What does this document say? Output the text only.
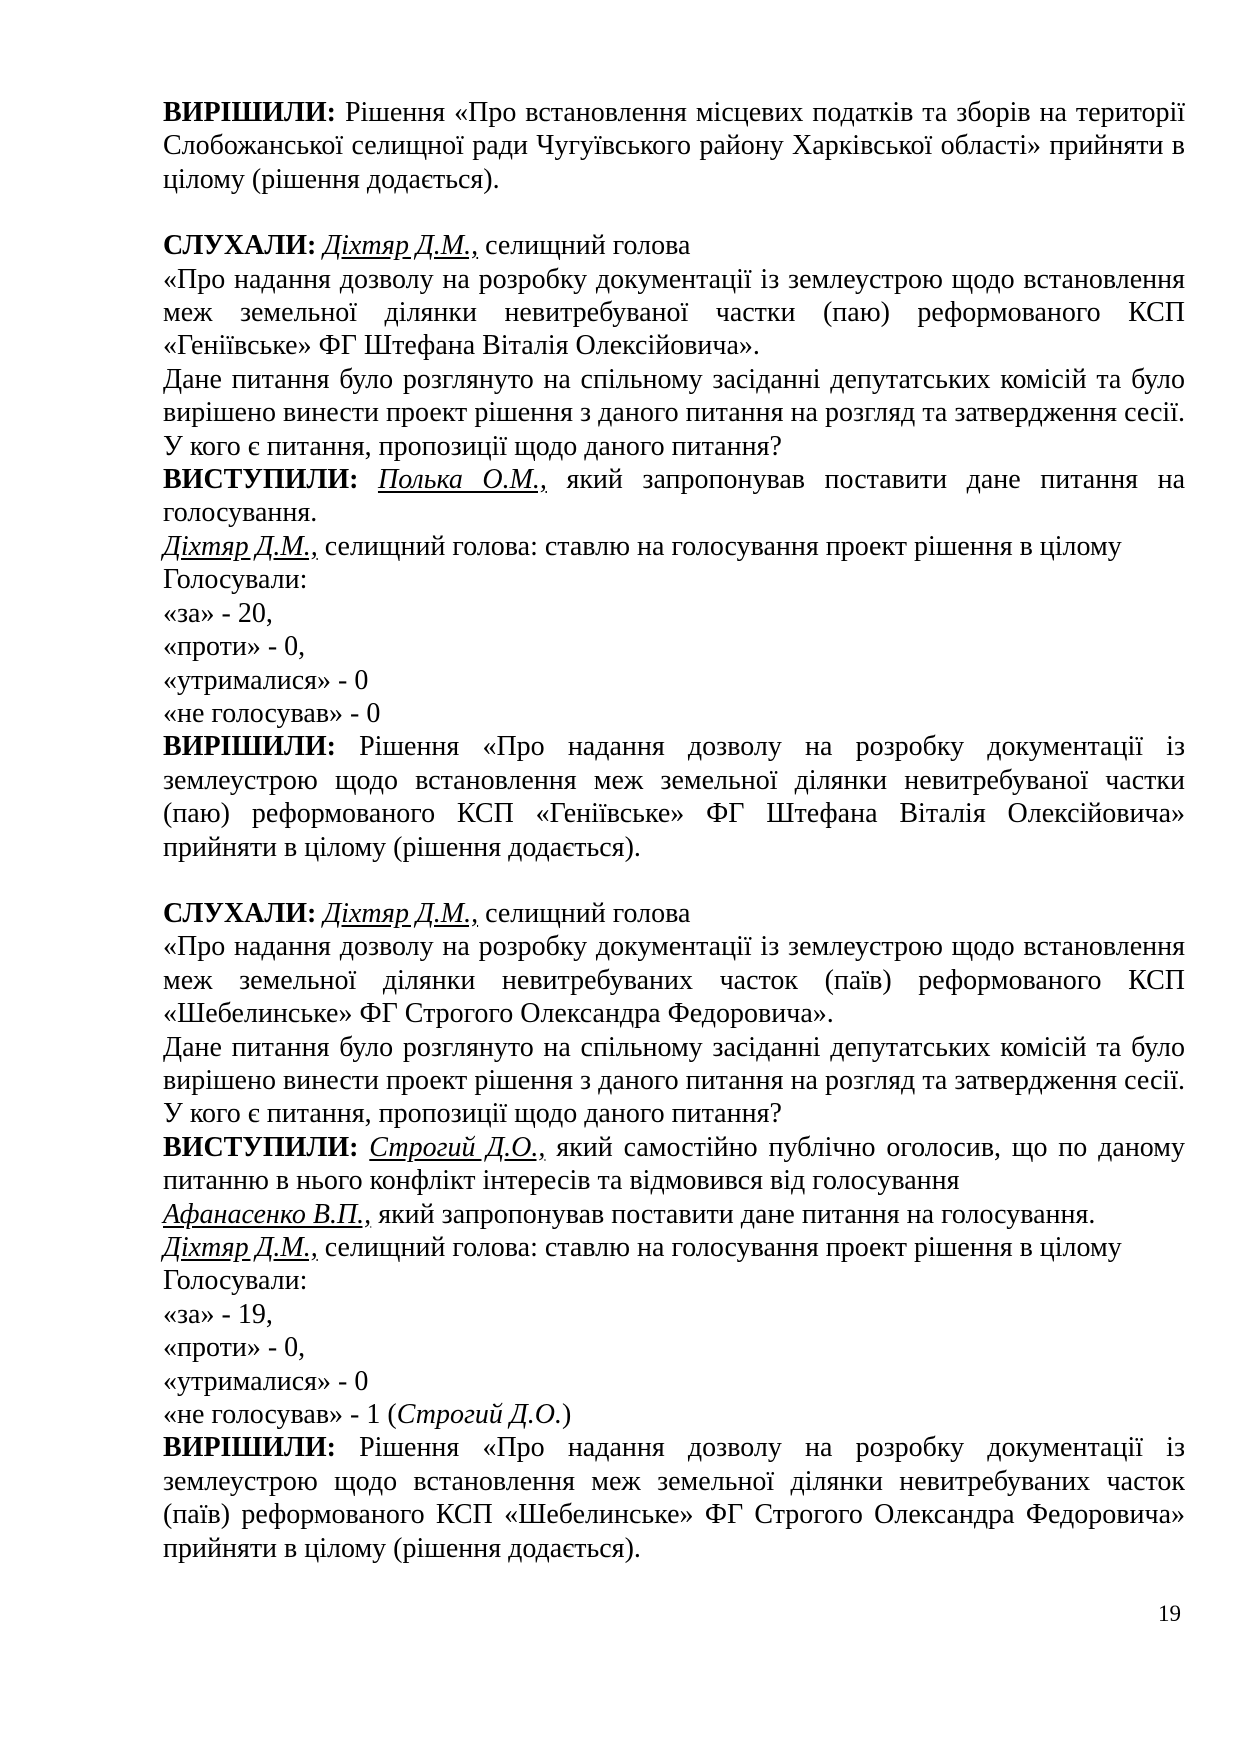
ВИРІШИЛИ: Рішення «Про встановлення місцевих податків та зборів на території Слобожанської селищної ради Чугуївського району Харківської області» прийняти в цілому (рішення додається).

СЛУХАЛИ: Діхтяр Д.М., селищний голова

«Про надання дозволу на розробку документації із землеустрою щодо встановлення меж земельної ділянки невитребуваної частки (паю) реформованого КСП «Геніївське» ФГ Штефана Віталія Олексійовича».

Дане питання було розглянуто на спільному засіданні депутатських комісій та було вирішено винести проект рішення з даного питання на розгляд та затвердження сесії. У кого є питання, пропозиції щодо даного питання?

ВИСТУПИЛИ: Полька О.М., який запропонував поставити дане питання на голосування.

Діхтяр Д.М., селищний голова: ставлю на голосування проект рішення в цілому

Голосували:

«за» - 20,

«проти» - 0,

«утрималися» - 0

«не голосував» - 0

ВИРІШИЛИ: Рішення «Про надання дозволу на розробку документації із землеустрою щодо встановлення меж земельної ділянки невитребуваної частки (паю) реформованого КСП «Геніївське» ФГ Штефана Віталія Олексійовича» прийняти в цілому (рішення додається).

СЛУХАЛИ: Діхтяр Д.М., селищний голова

«Про надання дозволу на розробку документації із землеустрою щодо встановлення меж земельної ділянки невитребуваних часток (паїв) реформованого КСП «Шебелинське» ФГ Строгого Олександра Федоровича».

Дане питання було розглянуто на спільному засіданні депутатських комісій та було вирішено винести проект рішення з даного питання на розгляд та затвердження сесії. У кого є питання, пропозиції щодо даного питання?

ВИСТУПИЛИ: Строгий Д.О., який самостійно публічно оголосив, що по даному питанню в нього конфлікт інтересів та відмовився від голосування

Афанасенко В.П., який запропонував поставити дане питання на голосування.

Діхтяр Д.М., селищний голова: ставлю на голосування проект рішення в цілому

Голосували:

«за» - 19,

«проти» - 0,

«утрималися» - 0

«не голосував» - 1 (Строгий Д.О.)

ВИРІШИЛИ: Рішення «Про надання дозволу на розробку документації із землеустрою щодо встановлення меж земельної ділянки невитребуваних часток (паїв) реформованого КСП «Шебелинське» ФГ Строгого Олександра Федоровича» прийняти в цілому (рішення додається).

19
